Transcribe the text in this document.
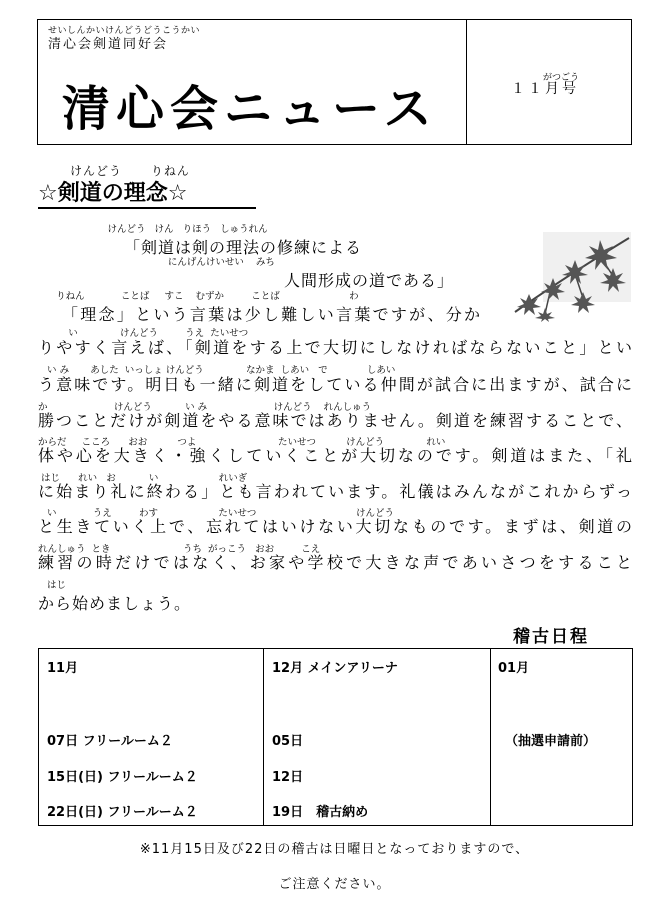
せいしんかいけんどうどうこうかい
清心会剣道同好会
清心会ニュース
がつごう
１１月号
けんどう      りねん
☆剣道の理念☆
けんどう   けん   りほう   しゅうれん
「剣道は剣の理法の修練による
にんげんけいせい    みち
人間形成の道である」
りねん            ことば     すこ    むずか         ことば                       わ
「理念」という言葉は少し難しい言葉ですが、分か
い              けんどう         うえ  たいせつ
りやすく言えば、「剣道をする上で大切にしなければならないこと」とい
い み       あした  いっしょ けんどう              なかま  しあい   で             しあい
う意味です。明日も一緒に剣道をしている仲間が試合に出ますが、試合に
か                      けんどう           い み                      けんどう    れんしゅう
勝つことだけが剣道をやる意味ではありません。剣道を練習することで、
からだ     こころ      おお          つよ                           たいせつ          けんどう              れい
体や心を大きく・強くしていくことが大切なのです。剣道はまた、「礼
はじ      れい   お           い                    れいぎ
に始まり礼に終わる」とも言われています。礼儀はみんながこれからずっ
い            うえ         わす                    たいせつ                                 けんどう
と生きていく上で、忘れてはいけない大切なものです。まずは、剣道の
れんしゅう  とき                        うち  がっこう   おお         こえ
練習の時だけではなく、お家や学校で大きな声であいさつをすること
はじ
から始めましょう。
稽古日程
11月
07日 フリールーム２
15日(日) フリールーム２
22日(日) フリールーム２
12月 メインアリーナ
05日
12日
19日　稽古納め
01月
（抽選申請前）
※11月15日及び22日の稽古は日曜日となっておりますので、
ご注意ください。
